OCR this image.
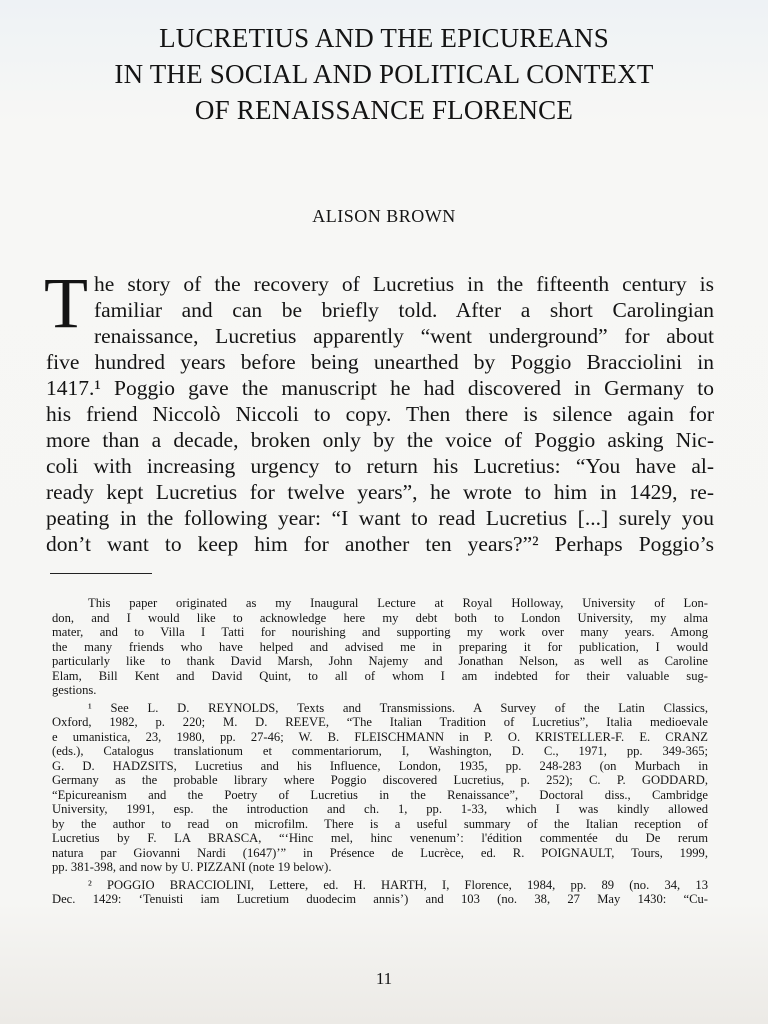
LUCRETIUS AND THE EPICUREANS
IN THE SOCIAL AND POLITICAL CONTEXT
OF RENAISSANCE FLORENCE
ALISON BROWN
T he story of the recovery of Lucretius in the fifteenth century is
familiar and can be briefly told. After a short Carolingian
renaissance, Lucretius apparently “went underground” for about
five hundred years before being unearthed by Poggio Bracciolini in
1417.¹ Poggio gave the manuscript he had discovered in Germany to
his friend Niccolò Niccoli to copy. Then there is silence again for
more than a decade, broken only by the voice of Poggio asking Nic-
coli with increasing urgency to return his Lucretius: “You have al-
ready kept Lucretius for twelve years”, he wrote to him in 1429, re-
peating in the following year: “I want to read Lucretius [...] surely you
don’t want to keep him for another ten years?”² Perhaps Poggio’s
This paper originated as my Inaugural Lecture at Royal Holloway, University of Lon-
don, and I would like to acknowledge here my debt both to London University, my alma
mater, and to Villa I Tatti for nourishing and supporting my work over many years. Among
the many friends who have helped and advised me in preparing it for publication, I would
particularly like to thank David Marsh, John Najemy and Jonathan Nelson, as well as Caroline
Elam, Bill Kent and David Quint, to all of whom I am indebted for their valuable sug-
gestions.
¹ See L. D. REYNOLDS, Texts and Transmissions. A Survey of the Latin Classics,
Oxford, 1982, p. 220; M. D. REEVE, “The Italian Tradition of Lucretius”, Italia medioevale
e umanistica, 23, 1980, pp. 27-46; W. B. FLEISCHMANN in P. O. KRISTELLER-F. E. CRANZ
(eds.), Catalogus translationum et commentariorum, I, Washington, D. C., 1971, pp. 349-365;
G. D. HADZSITS, Lucretius and his Influence, London, 1935, pp. 248-283 (on Murbach in
Germany as the probable library where Poggio discovered Lucretius, p. 252); C. P. GODDARD,
“Epicureanism and the Poetry of Lucretius in the Renaissance”, Doctoral diss., Cambridge
University, 1991, esp. the introduction and ch. 1, pp. 1-33, which I was kindly allowed
by the author to read on microfilm. There is a useful summary of the Italian reception of
Lucretius by F. LA BRASCA, “‘Hinc mel, hinc venenum’: l'édition commentée du De rerum
natura par Giovanni Nardi (1647)’” in Présence de Lucrèce, ed. R. POIGNAULT, Tours, 1999,
pp. 381-398, and now by U. PIZZANI (note 19 below).
² POGGIO BRACCIOLINI, Lettere, ed. H. HARTH, I, Florence, 1984, pp. 89 (no. 34, 13
Dec. 1429: ‘Tenuisti iam Lucretium duodecim annis’) and 103 (no. 38, 27 May 1430: “Cu-
11
